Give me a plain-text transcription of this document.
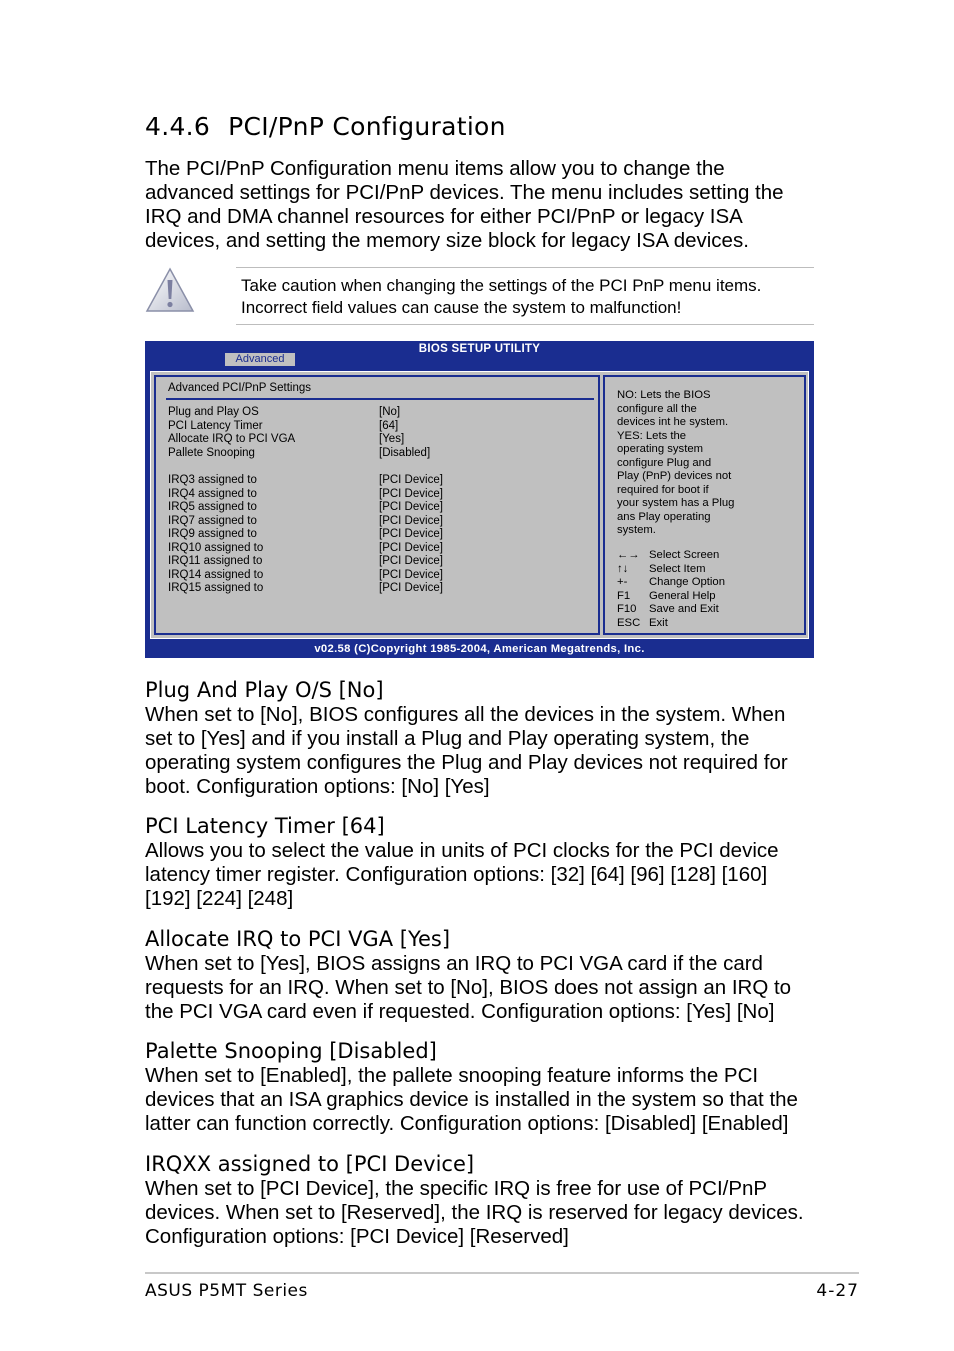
4.4.6 PCI/PnP Configuration

The PCI/PnP Configuration menu items allow you to change the advanced settings for PCI/PnP devices. The menu includes setting the IRQ and DMA channel resources for either PCI/PnP or legacy ISA devices, and setting the memory size block for legacy ISA devices.

Take caution when changing the settings of the PCI PnP menu items.
Incorrect field values can cause the system to malfunction!
BIOS SETUP UTILITY
Advanced
Advanced PCI/PnP Settings
Plug and Play OS	[No]
PCI Latency Timer	[64]
Allocate IRQ to PCI VGA	[Yes]
Pallete Snooping	[Disabled]
IRQ3 assigned to	[PCI Device]
IRQ4 assigned to	[PCI Device]
IRQ5 assigned to	[PCI Device]
IRQ7 assigned to	[PCI Device]
IRQ9 assigned to	[PCI Device]
IRQ10 assigned to	[PCI Device]
IRQ11 assigned to	[PCI Device]
IRQ14 assigned to	[PCI Device]
IRQ15 assigned to	[PCI Device]
NO: Lets the BIOS
configure all the
devices int he system.
YES: Lets the
operating system
configure Plug and
Play (PnP) devices not
required for boot if
your system has a Plug
ans Play operating
system.
←→ Select Screen
↑↓ Select Item
+- Change Option
F1 General Help
F10 Save and Exit
ESC Exit
v02.58 (C)Copyright 1985-2004, American Megatrends, Inc.
Plug And Play O/S [No]

When set to [No], BIOS configures all the devices in the system. When set to [Yes] and if you install a Plug and Play operating system, the operating system configures the Plug and Play devices not required for boot. Configuration options: [No] [Yes]

PCI Latency Timer [64]

Allows you to select the value in units of PCI clocks for the PCI device latency timer register. Configuration options: [32] [64] [96] [128] [160] [192] [224] [248]

Allocate IRQ to PCI VGA [Yes]

When set to [Yes], BIOS assigns an IRQ to PCI VGA card if the card requests for an IRQ. When set to [No], BIOS does not assign an IRQ to the PCI VGA card even if requested. Configuration options: [Yes] [No]

Palette Snooping [Disabled]

When set to [Enabled], the pallete snooping feature informs the PCI devices that an ISA graphics device is installed in the system so that the latter can function correctly. Configuration options: [Disabled] [Enabled]

IRQXX assigned to [PCI Device]

When set to [PCI Device], the specific IRQ is free for use of PCI/PnP devices. When set to [Reserved], the IRQ is reserved for legacy devices. Configuration options: [PCI Device] [Reserved]

ASUS P5MT Series	4-27
